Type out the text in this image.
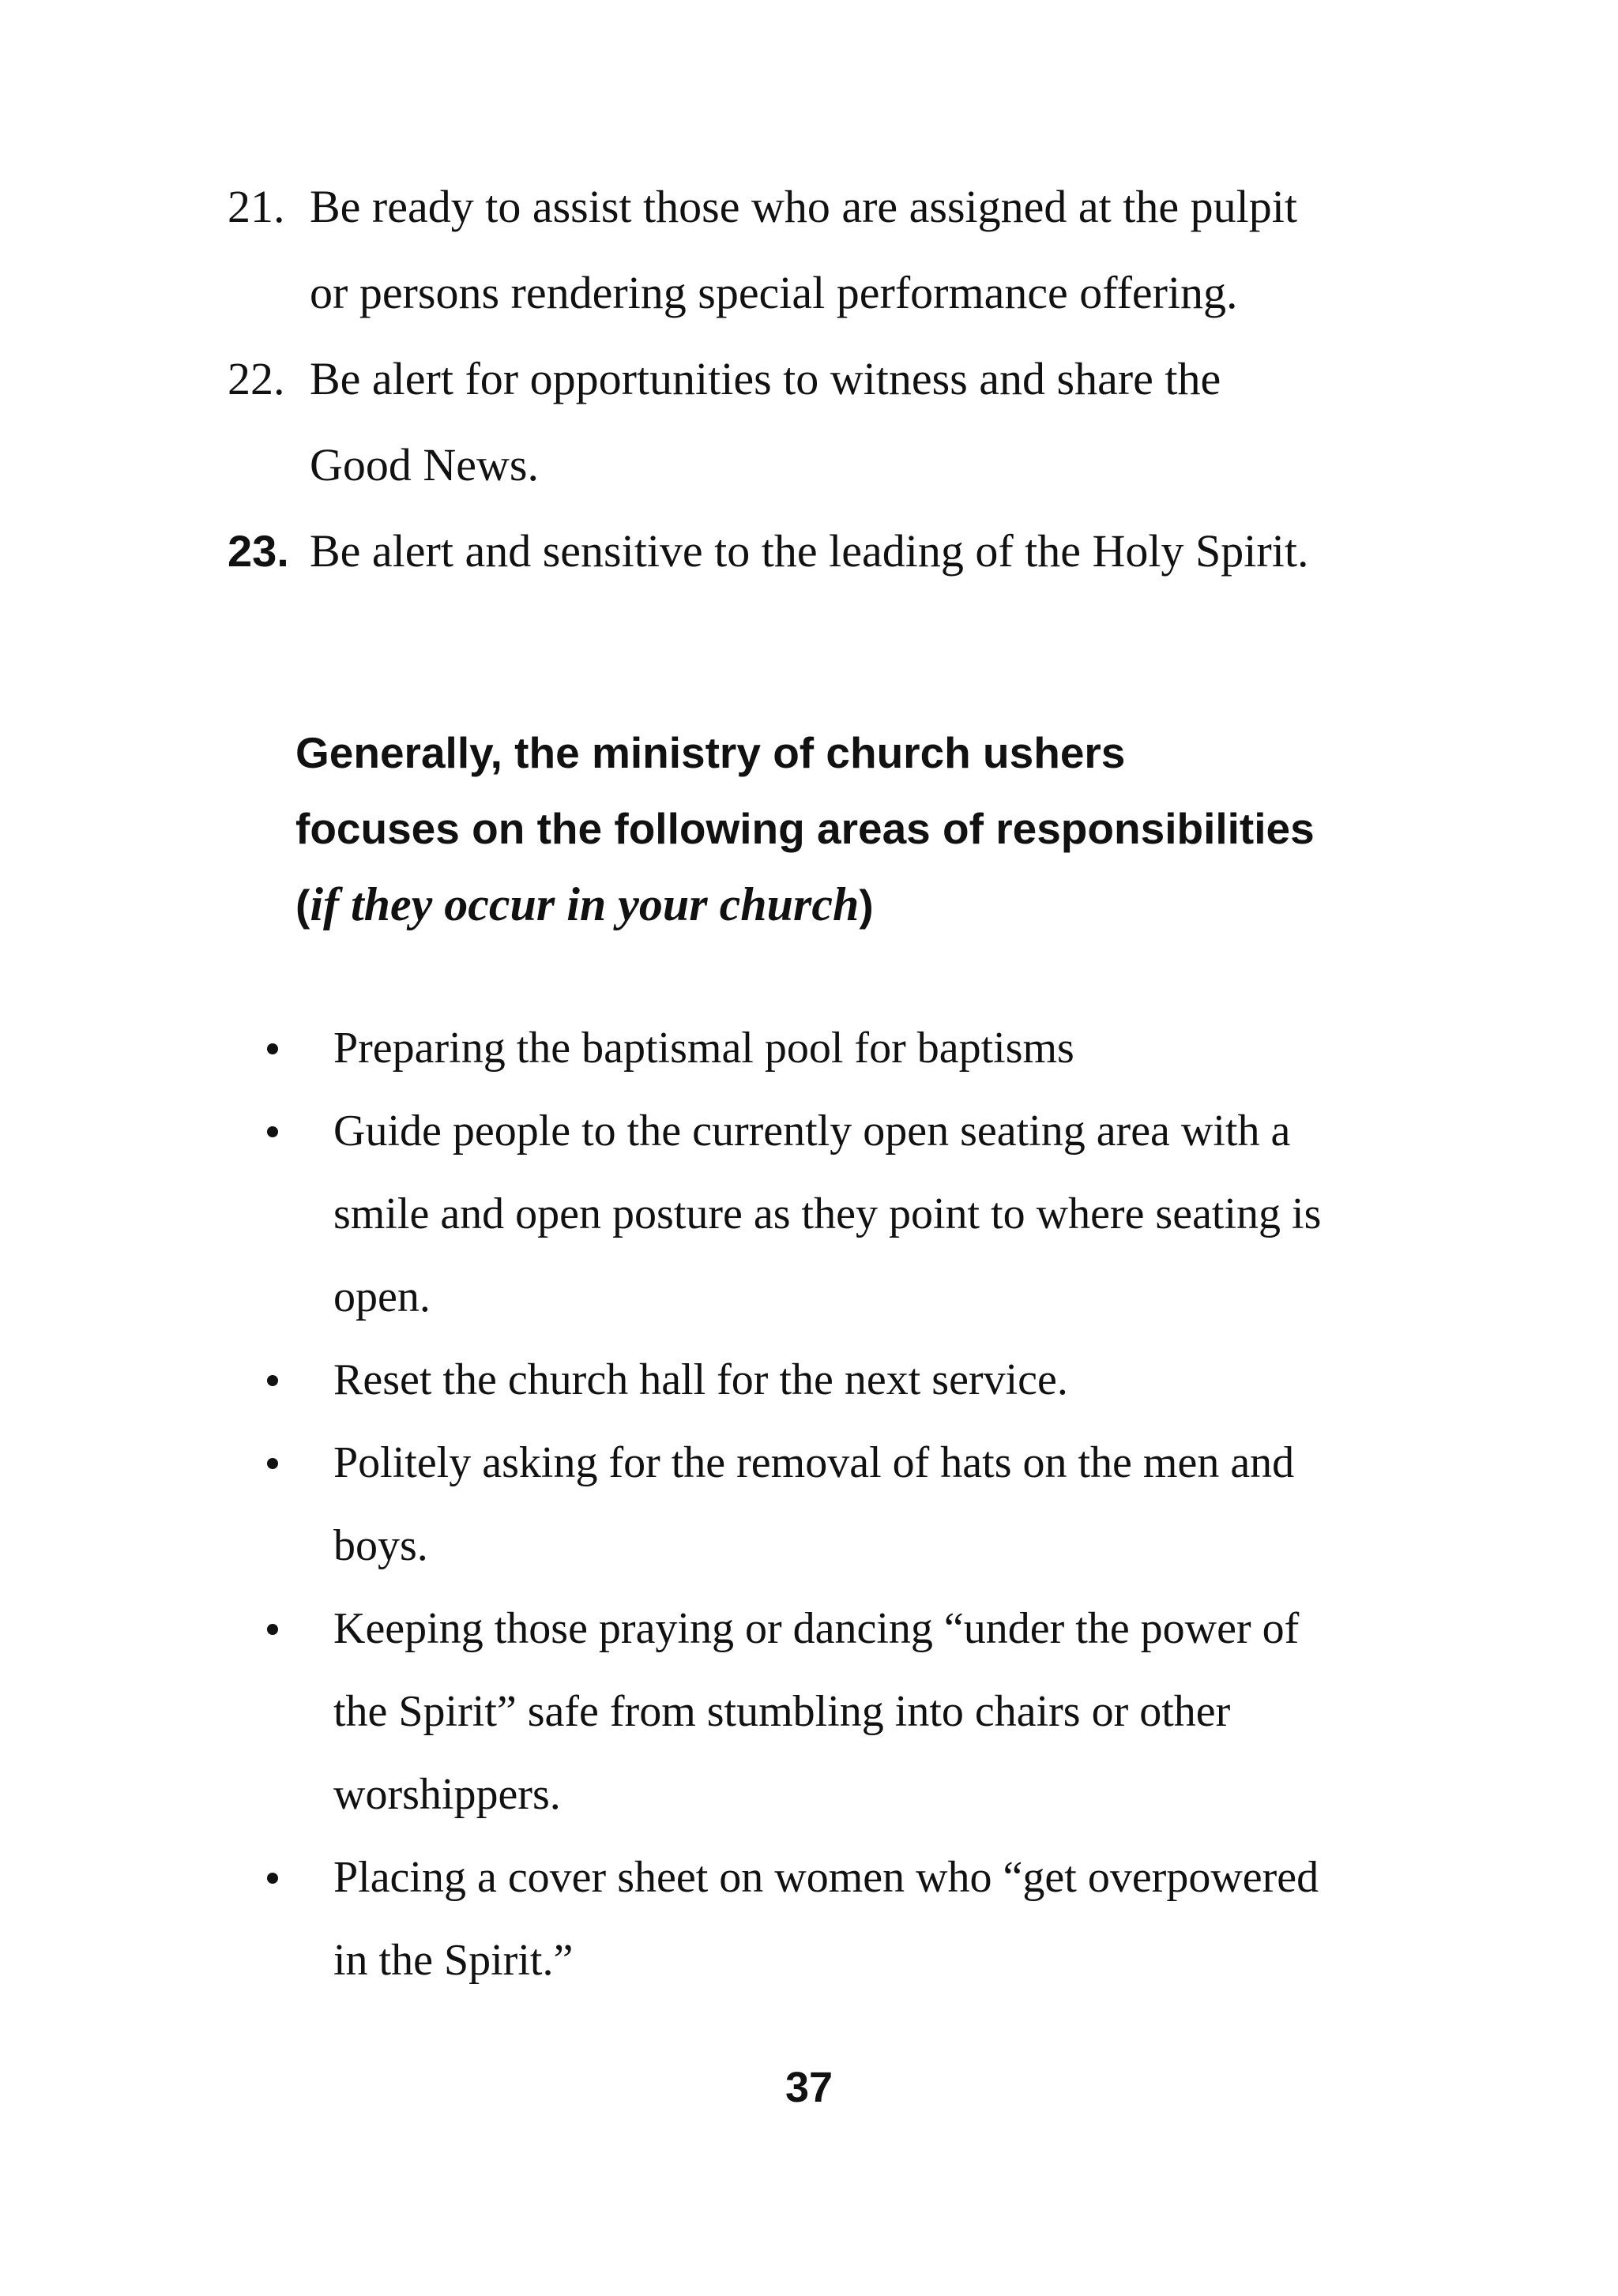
21. Be ready to assist those who are assigned at the pulpit
or persons rendering special performance offering.
22. Be alert for opportunities to witness and share the
Good News.
23. Be alert and sensitive to the leading of the Holy Spirit.
Generally, the ministry of church ushers
focuses on the following areas of responsibilities
(if they occur in your church)
Preparing the baptismal pool for baptisms
Guide people to the currently open seating area with a
smile and open posture as they point to where seating is
open.
Reset the church hall for the next service.
Politely asking for the removal of hats on the men and
boys.
Keeping those praying or dancing “under the power of
the Spirit” safe from stumbling into chairs or other
worshippers.
Placing a cover sheet on women who “get overpowered
in the Spirit.”
37
